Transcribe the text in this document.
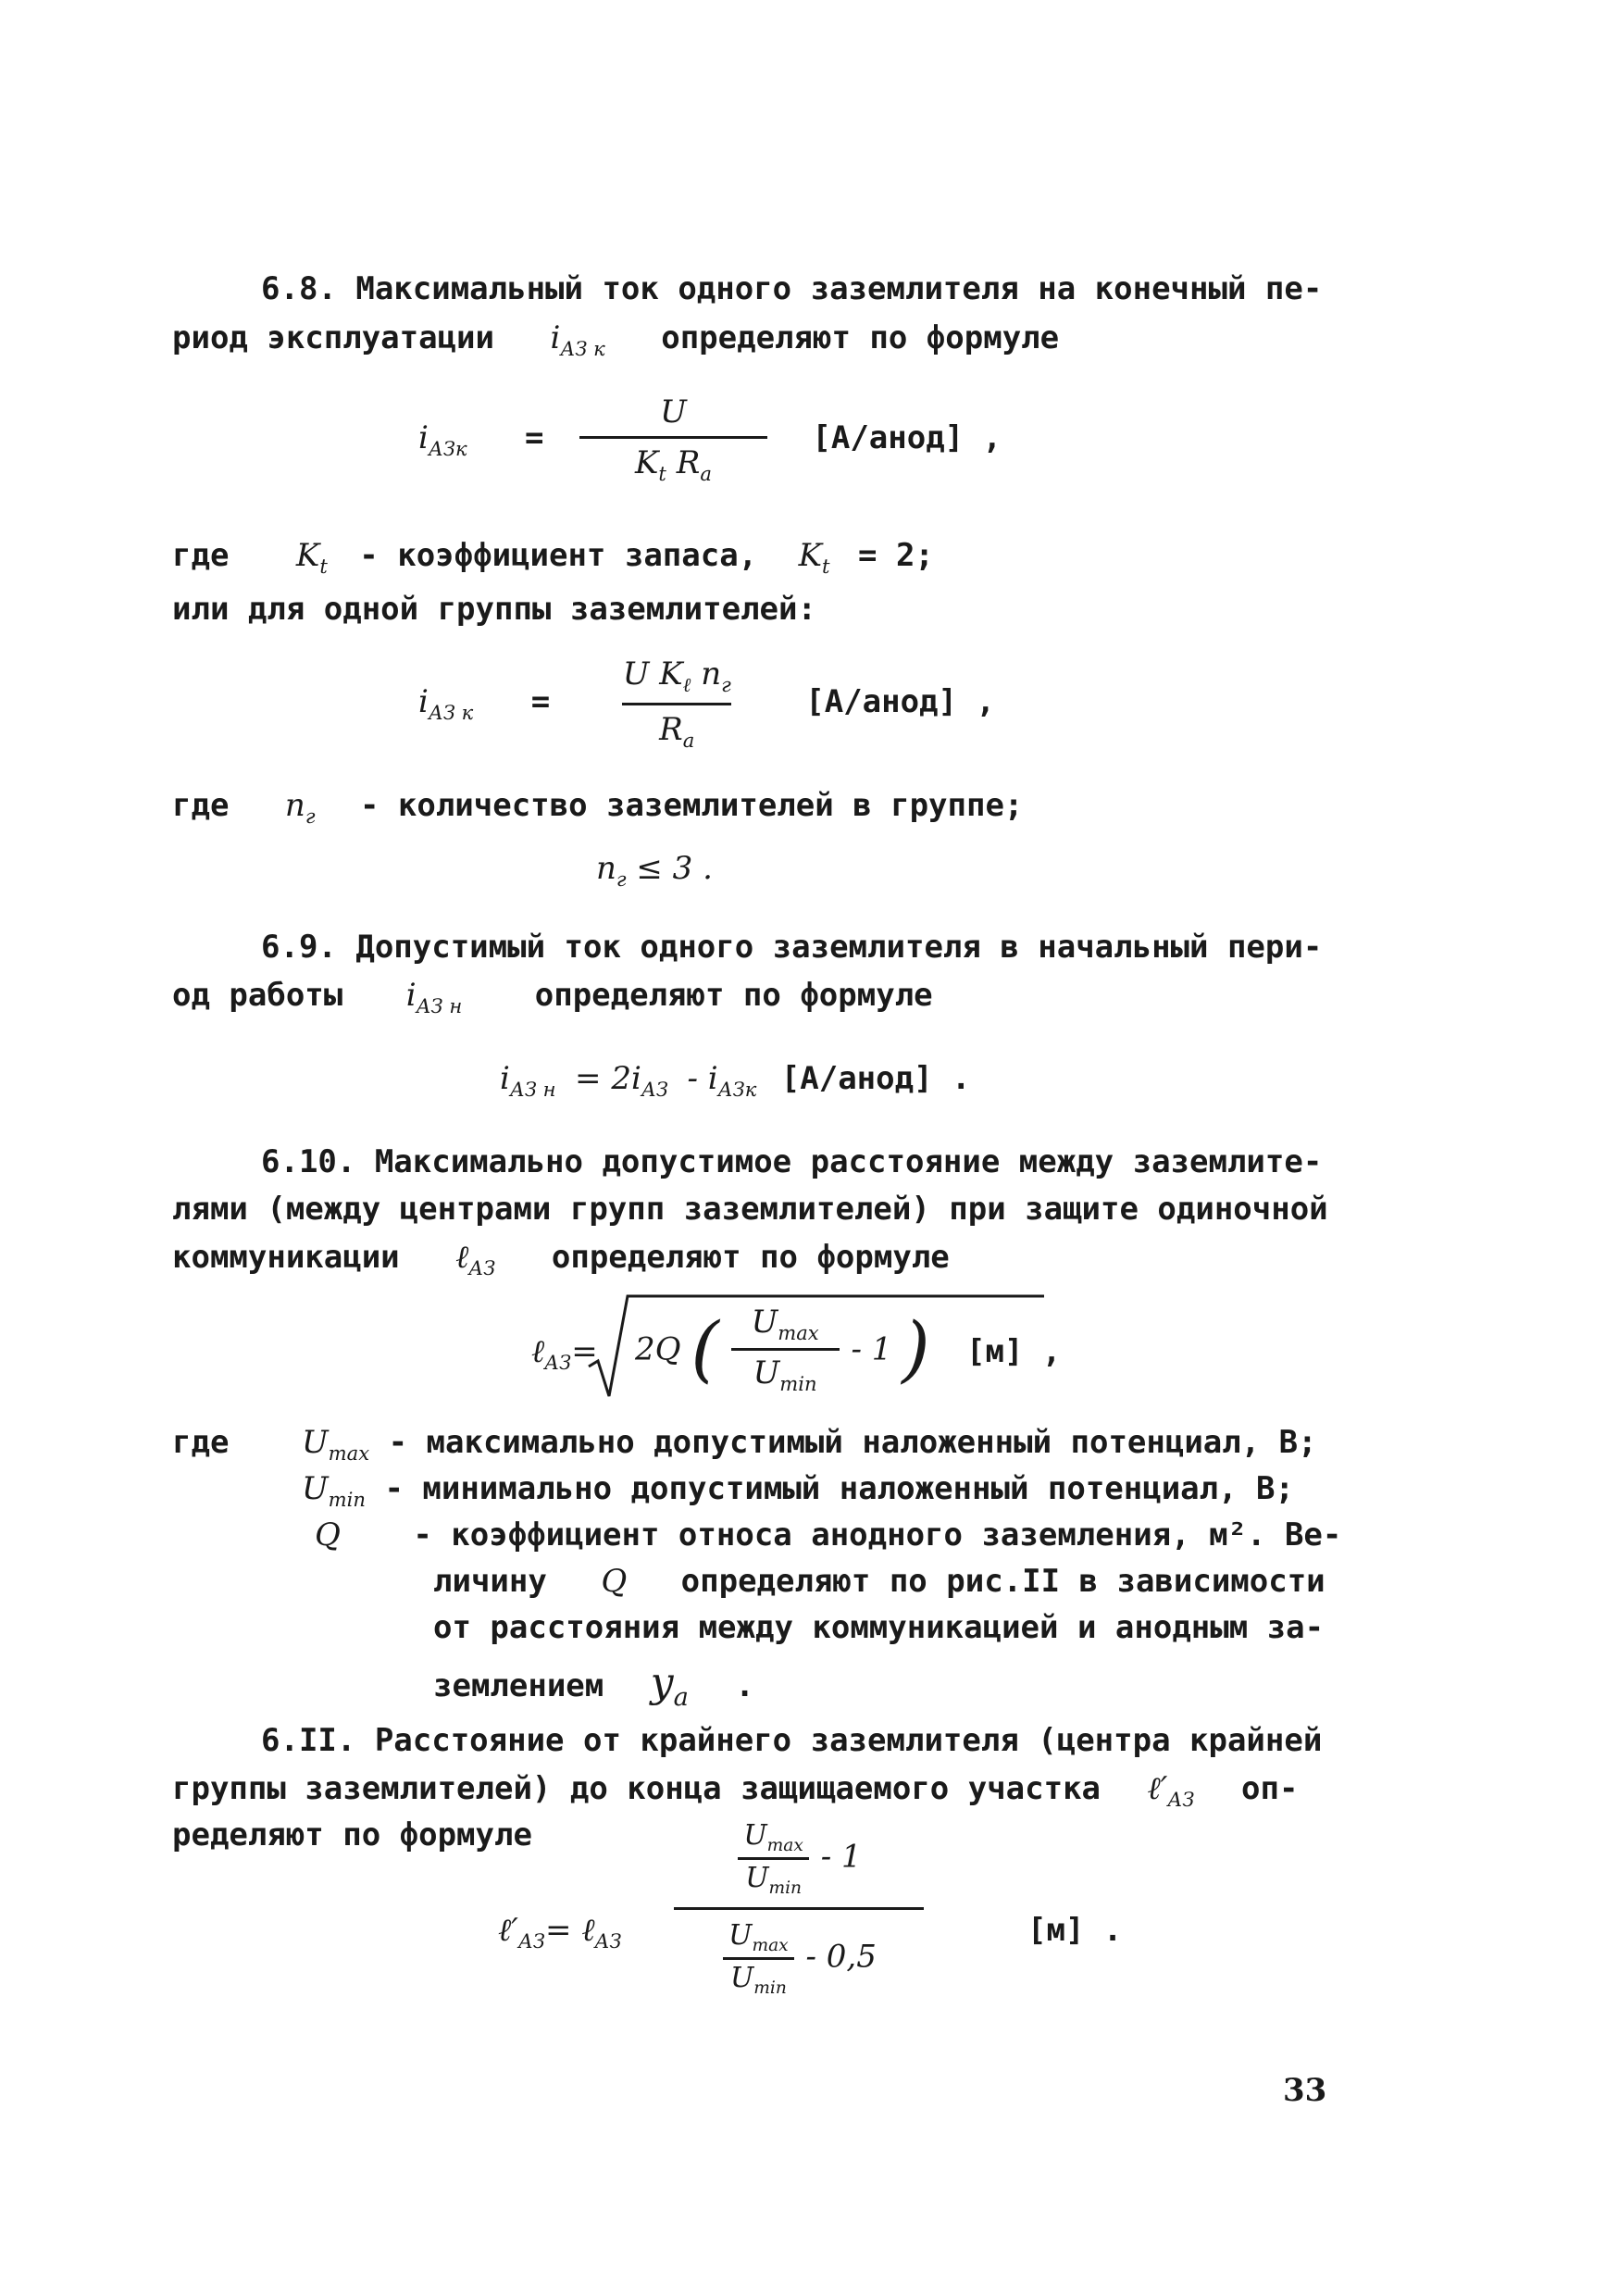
6.8. Максимальный ток одного заземлителя на конечный пе-
риод эксплуатации $i_{АЗ к}$ определяют по формуле
$i_{АЗк} = \frac{U}{K_t R_a}$ [А/анод] ,
где $K_t$ - коэффициент запаса, $K_t = 2$;
или для одной группы заземлителей:
$i_{АЗ к} = \frac{U K_\ell n_г}{R_a}$ [А/анод] ,
где $n_г$ - количество заземлителей в группе;
$n_г \le 3$ .
6.9. Допустимый ток одного заземлителя в начальный пери-
од работы $i_{АЗ н}$ определяют по формуле
$i_{АЗ н} = 2i_{АЗ} - i_{АЗк}$ [А/анод] .
6.10. Максимально допустимое расстояние между заземлите-
лями (между центрами групп заземлителей) при защите одиночной
коммуникации ℓ$_{АЗ}$ определяют по формуле
ℓ$_{АЗ}$= 2Q ( $\frac{U_{max}}{U_{min}} - 1$ ) [м] ,
где $U_{max}$ - максимально допустимый наложенный потенциал, В;
$U_{min}$ - минимально допустимый наложенный потенциал, В;
Q - коэффициент относа анодного заземления, м². Ве-
личину Q определяют по рис.II в зависимости
от расстояния между коммуникацией и анодным за-
землением $y_a$ .
6.II. Расстояние от крайнего заземлителя (центра крайней
группы заземлителей) до конца защищаемого участка $\ell'_{АЗ}$ оп-
ределяют по формуле
$\ell'_{АЗ}=$ ℓ$_{АЗ}$
$\frac{U_{max}}{U_{min}} - 1$
$\frac{U_{max}}{U_{min}} - 0,5$
[м] .
33
